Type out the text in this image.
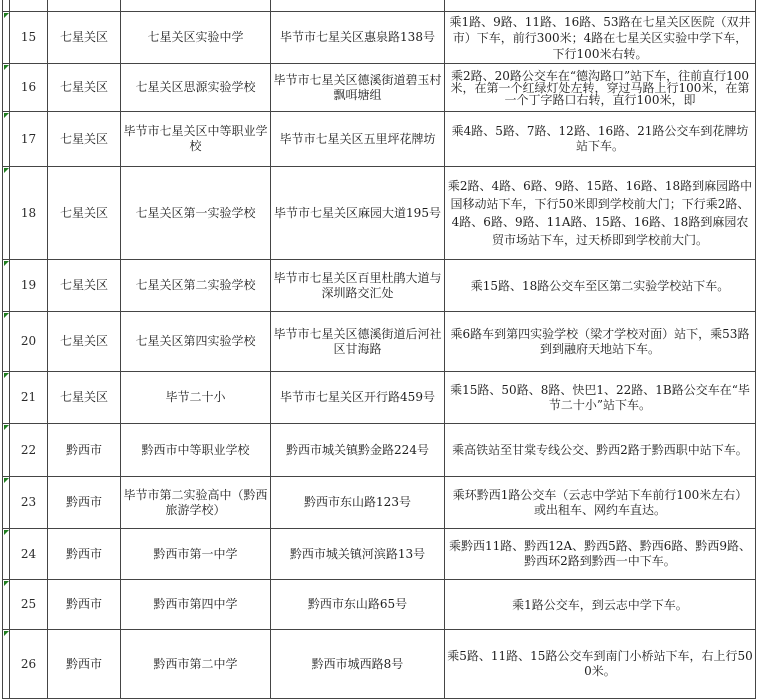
	15	七星关区	七星关区实验中学	毕节市七星关区惠泉路138号	乘1路、9路、11路、16路、53路在七星关区医院（双井市）下车，前行300米；4路在七星关区实验中学下车，下行100米右转。

	16	七星关区	七星关区思源实验学校	毕节市七星关区德溪街道碧玉村飘咡塘组	乘2路、20路公交车在“德沟路口”站下车，往前直行100米，在第一个红绿灯处左转，穿过马路上行100米，在第一个丁字路口右转，直行100米，即

	17	七星关区	毕节市七星关区中等职业学校	毕节市七星关区五里坪花牌坊	乘4路、5路、7路、12路、16路、21路公交车到花牌坊站下车。

	18	七星关区	七星关区第一实验学校	毕节市七星关区麻园大道195号	乘2路、4路、6路、9路、15路、16路、18路到麻园路中国移动站下车，下行50米即到学校前大门；下行乘2路、4路、6路、9路、11A路、15路、16路、18路到麻园农贸市场站下车，过天桥即到学校前大门。

	19	七星关区	七星关区第二实验学校	毕节市七星关区百里杜鹃大道与深圳路交汇处	乘15路、18路公交车至区第二实验学校站下车。

	20	七星关区	七星关区第四实验学校	毕节市七星关区德溪街道后河社区甘海路	乘6路车到第四实验学校（梁才学校对面）站下，乘53路到到融府天地站下车。

	21	七星关区	毕节二十小	毕节市七星关区开行路459号	乘15路、50路、8路、快巴1、22路、1B路公交车在“毕节二十小”站下车。

	22	黔西市	黔西市中等职业学校	黔西市城关镇黔金路224号	乘高铁站至甘棠专线公交、黔西2路于黔西职中站下车。

	23	黔西市	毕节市第二实验高中（黔西旅游学校）	黔西市东山路123号	乘环黔西1路公交车（云志中学站下车前行100米左右）或出租车、网约车直达。

	24	黔西市	黔西市第一中学	黔西市城关镇河滨路13号	乘黔西11路、黔西12A、黔西5路、黔西6路、黔西9路、黔西环2路到黔西一中下车。

	25	黔西市	黔西市第四中学	黔西市东山路65号	乘1路公交车，到云志中学下车。

	26	黔西市	黔西市第二中学	黔西市城西路8号	乘5路、11路、15路公交车到南门小桥站下车，右上行500米。
